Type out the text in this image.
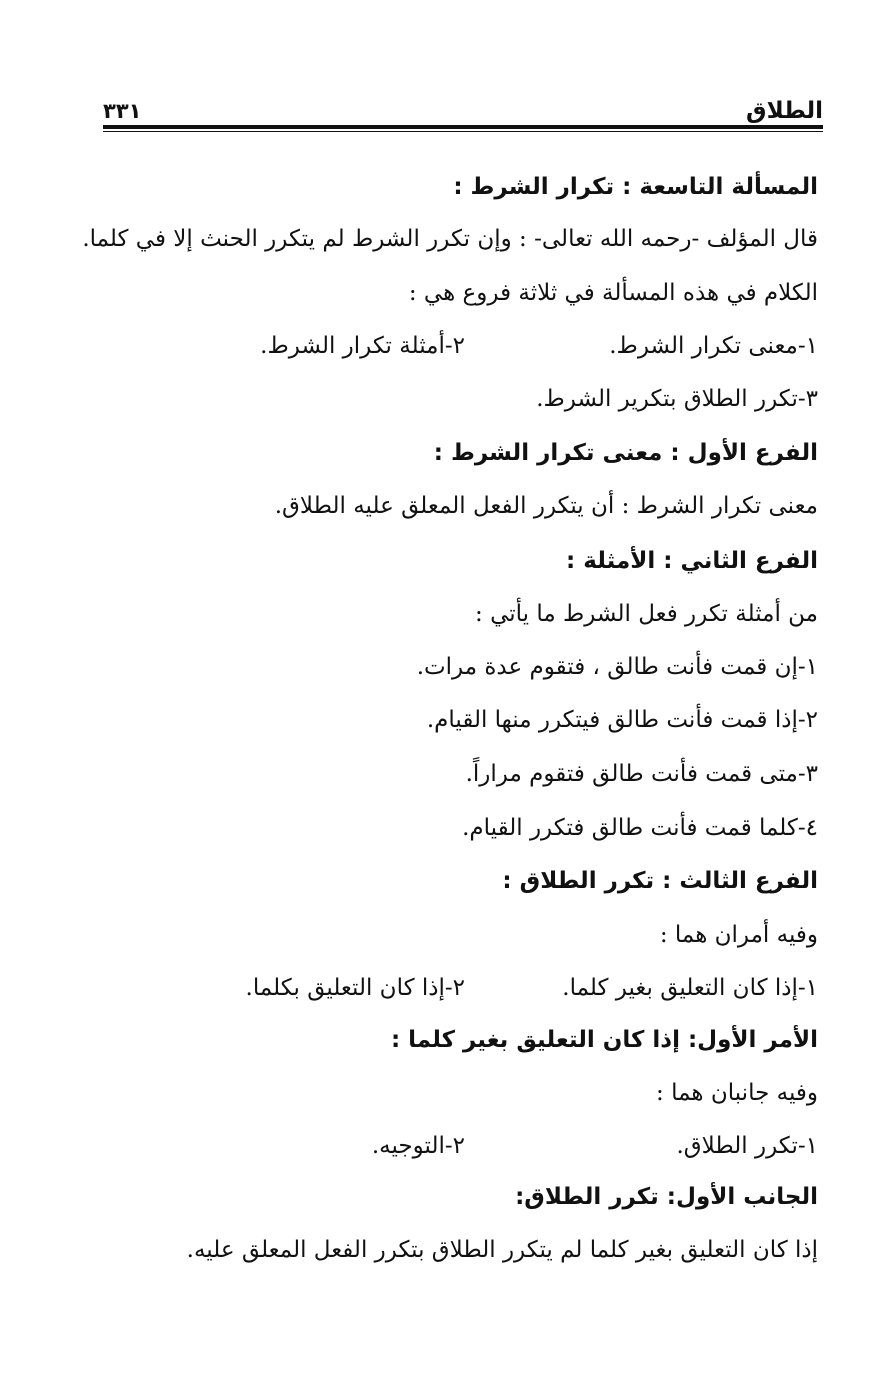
الطلاق
٣٣١
المسألة التاسعة : تكرار الشرط :
قال المؤلف -رحمه الله تعالى- : وإن تكرر الشرط لم يتكرر الحنث إلا في كلما.
الكلام في هذه المسألة في ثلاثة فروع هي :
١-معنى تكرار الشرط.
٢-أمثلة تكرار الشرط.
٣-تكرر الطلاق بتكرير الشرط.
الفرع الأول : معنى تكرار الشرط :
معنى تكرار الشرط : أن يتكرر الفعل المعلق عليه الطلاق.
الفرع الثاني : الأمثلة :
من أمثلة تكرر فعل الشرط ما يأتي :
١-إن قمت فأنت طالق ، فتقوم عدة مرات.
٢-إذا قمت فأنت طالق فيتكرر منها القيام.
٣-متى قمت فأنت طالق فتقوم مراراً.
٤-كلما قمت فأنت طالق فتكرر القيام.
الفرع الثالث : تكرر الطلاق :
وفيه أمران هما :
١-إذا كان التعليق بغير كلما.
٢-إذا كان التعليق بكلما.
الأمر الأول: إذا كان التعليق بغير كلما :
وفيه جانبان هما :
١-تكرر الطلاق.
٢-التوجيه.
الجانب الأول: تكرر الطلاق:
إذا كان التعليق بغير كلما لم يتكرر الطلاق بتكرر الفعل المعلق عليه.
